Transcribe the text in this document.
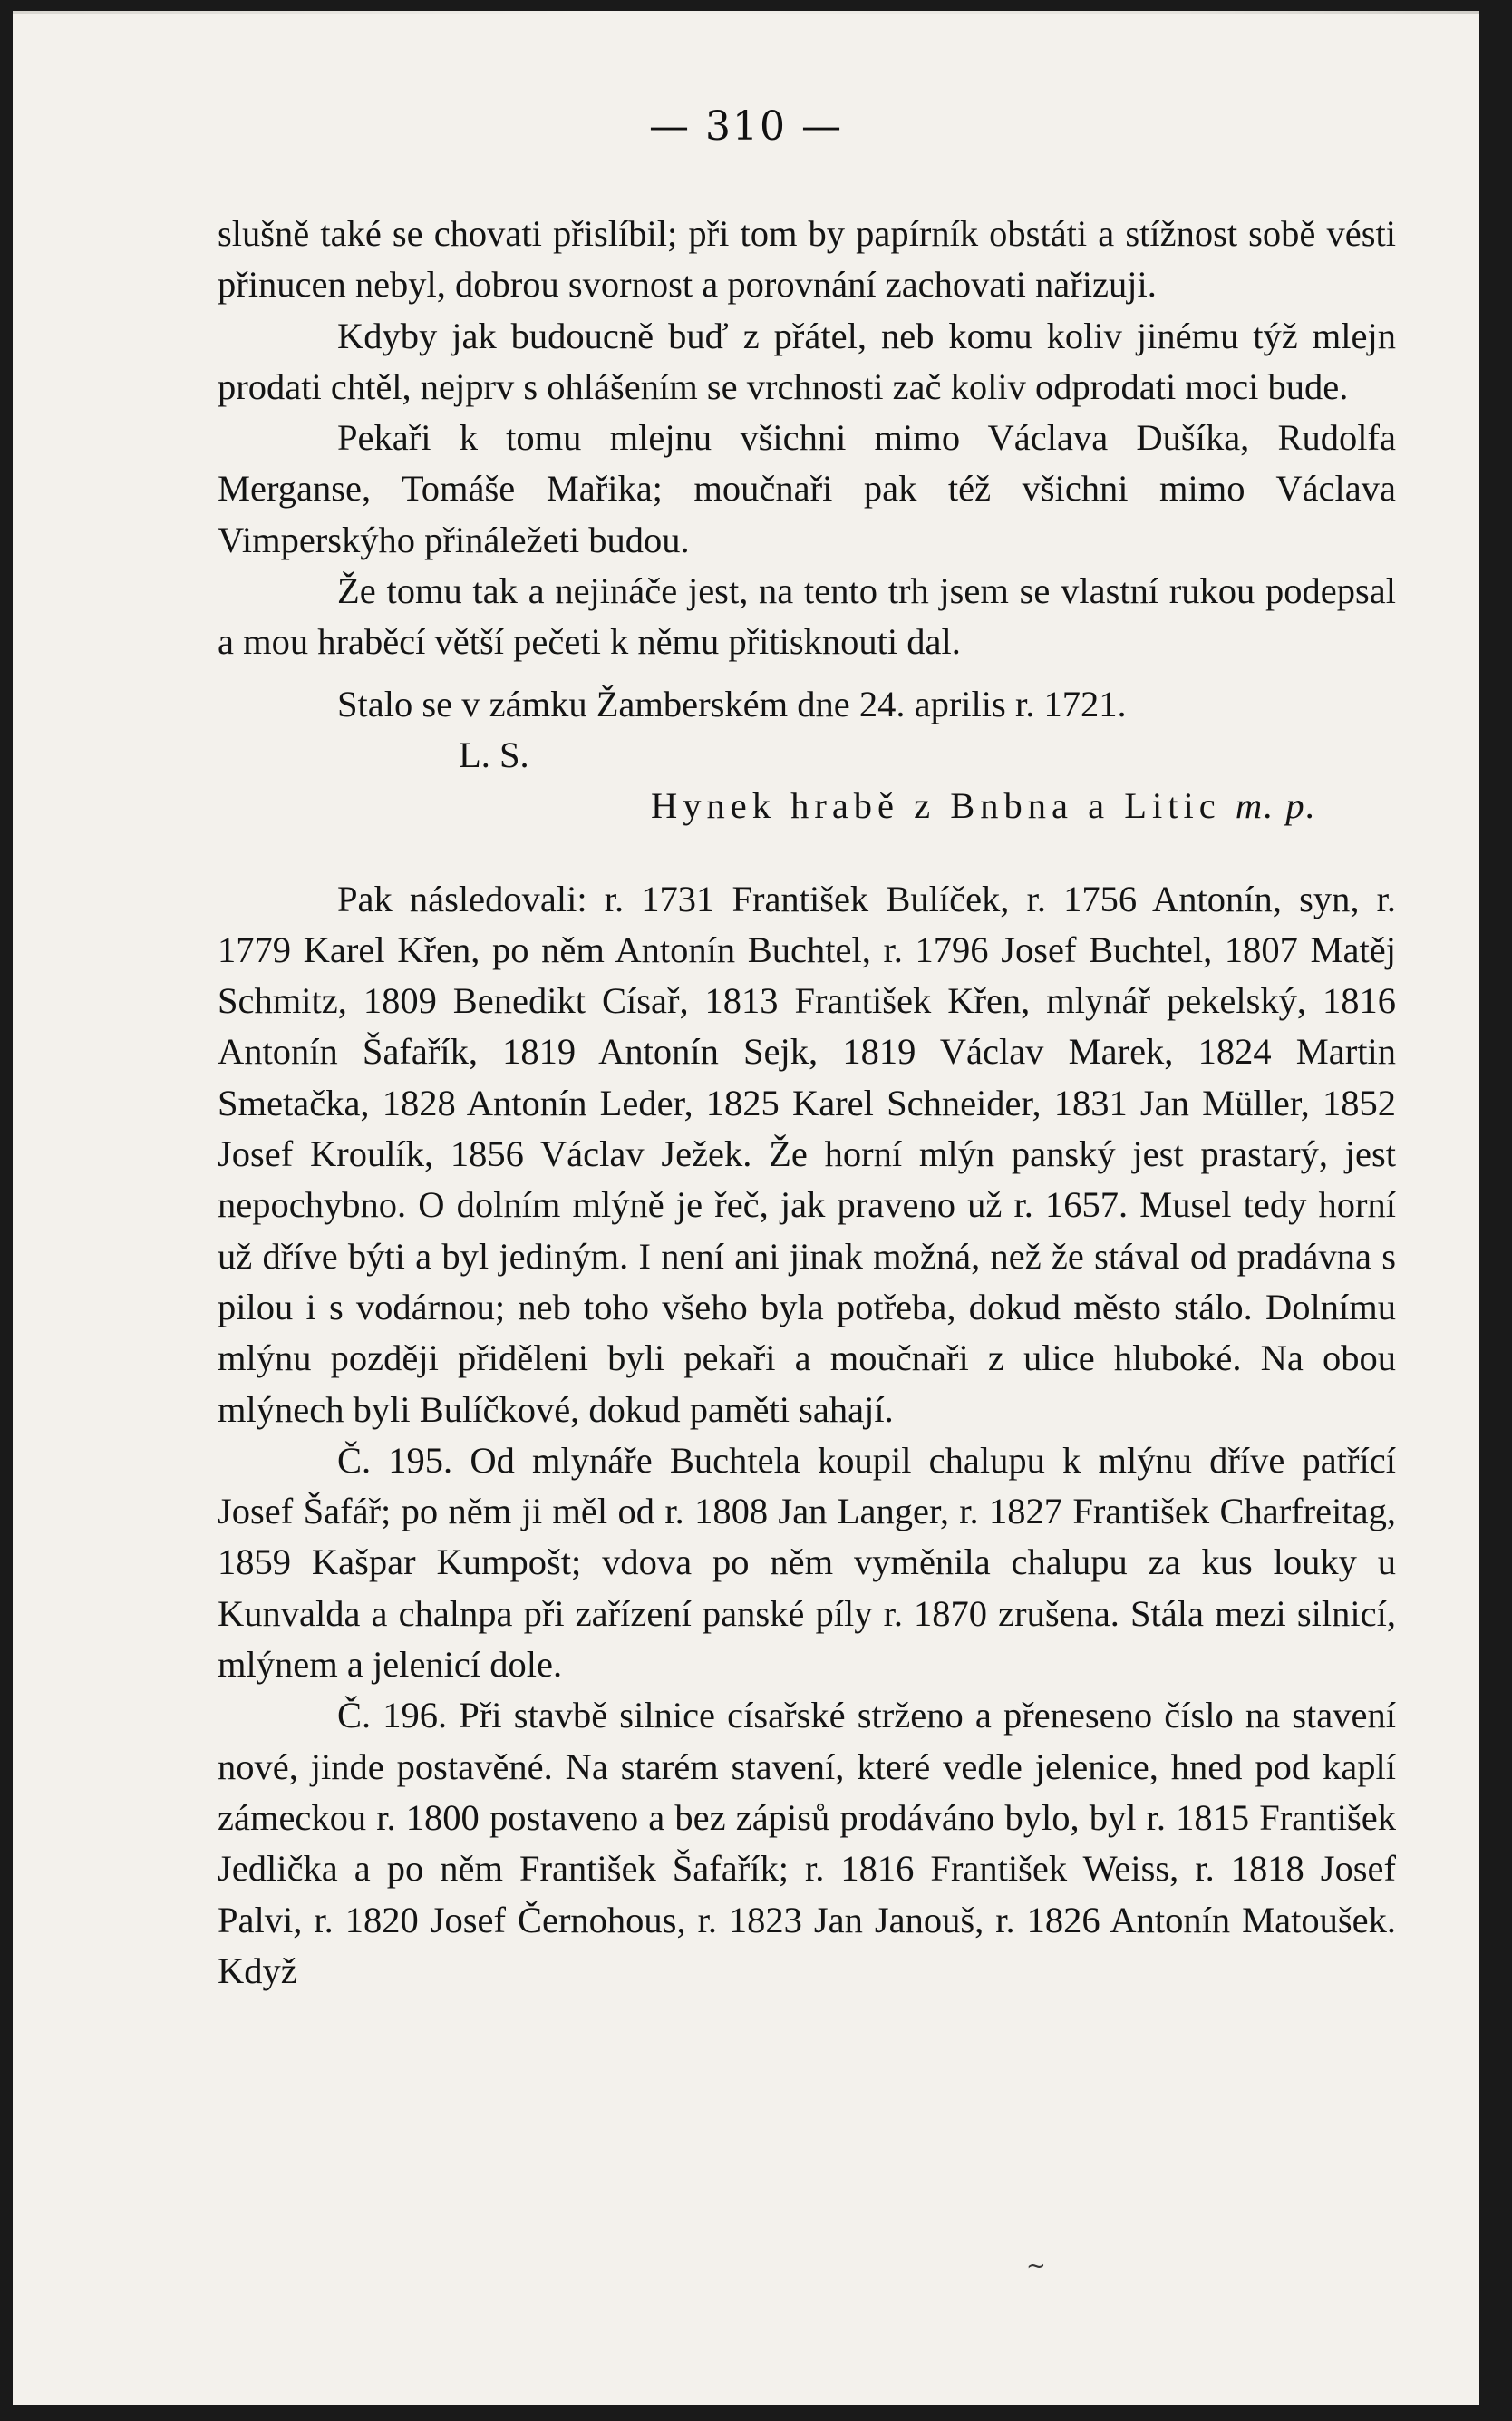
— 310 —

slušně také se chovati přislíbil; při tom by papírník obstáti a stížnost sobě vésti přinucen nebyl, dobrou svornost a porovnání zachovati nařizuji.

Kdyby jak budoucně buď z přátel, neb komu koliv jinému týž mlejn prodati chtěl, nejprv s ohlášením se vrchnosti zač koliv odprodati moci bude.

Pekaři k tomu mlejnu všichni mimo Václava Dušíka, Rudolfa Merganse, Tomáše Mařika; moučnaři pak též všichni mimo Václava Vimperskýho přináležeti budou.

Že tomu tak a nejináče jest, na tento trh jsem se vlastní rukou podepsal a mou hraběcí větší pečeti k němu přitisknouti dal.

Stalo se v zámku Žamberském dne 24. aprilis r. 1721.

L. S.

Hynek hrabě z Bnbna a Litic m. p.

Pak následovali: r. 1731 František Bulíček, r. 1756 Antonín, syn, r. 1779 Karel Křen, po něm Antonín Buchtel, r. 1796 Josef Buchtel, 1807 Matěj Schmitz, 1809 Benedikt Císař, 1813 František Křen, mlynář pekelský, 1816 Antonín Šafařík, 1819 Antonín Sejk, 1819 Václav Marek, 1824 Martin Smetačka, 1828 Antonín Leder, 1825 Karel Schneider, 1831 Jan Müller, 1852 Josef Kroulík, 1856 Václav Ježek. Že horní mlýn panský jest prastarý, jest nepochybno. O dolním mlýně je řeč, jak praveno už r. 1657. Musel tedy horní už dříve býti a byl jediným. I není ani jinak možná, než že stával od pradávna s pilou i s vodárnou; neb toho všeho byla potřeba, dokud město stálo. Dolnímu mlýnu později přiděleni byli pekaři a moučnaři z ulice hluboké. Na obou mlýnech byli Bulíčkové, dokud paměti sahají.

Č. 195. Od mlynáře Buchtela koupil chalupu k mlýnu dříve patřící Josef Šafář; po něm ji měl od r. 1808 Jan Langer, r. 1827 František Charfreitag, 1859 Kašpar Kumpošt; vdova po něm vyměnila chalupu za kus louky u Kunvalda a chalnpa při zařízení panské píly r. 1870 zrušena. Stála mezi silnicí, mlýnem a jelenicí dole.

Č. 196. Při stavbě silnice císařské strženo a přeneseno číslo na stavení nové, jinde postavěné. Na starém stavení, které vedle jelenice, hned pod kaplí zámeckou r. 1800 postaveno a bez zápisů prodáváno bylo, byl r. 1815 František Jedlička a po něm František Šafařík; r. 1816 František Weiss, r. 1818 Josef Palvi, r. 1820 Josef Černohous, r. 1823 Jan Janouš, r. 1826 Antonín Matoušek. Když

~
